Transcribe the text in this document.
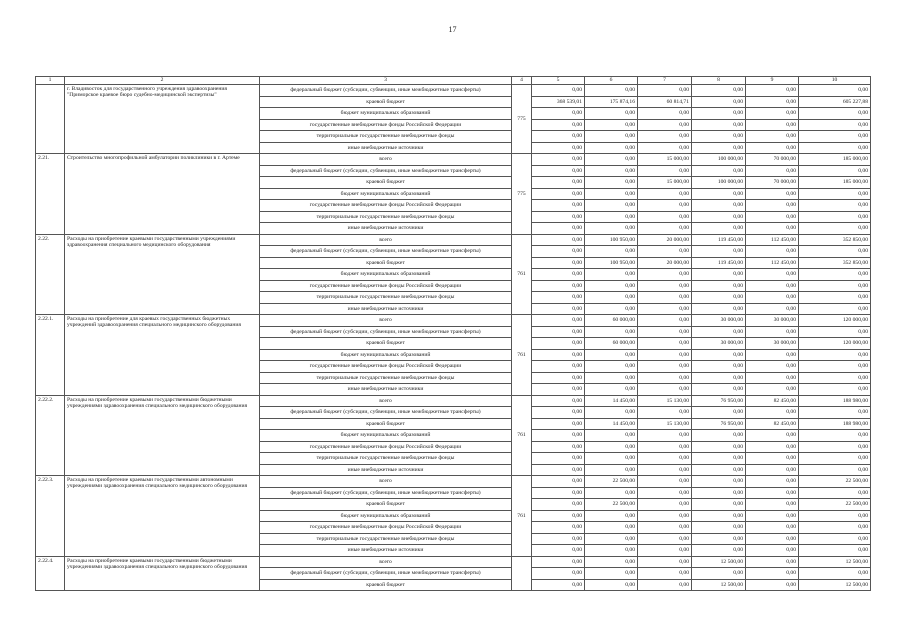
17
1	2	3	4	5	6	7	8	9	10
	г. Владивосток для государственного учреждения здравоохранения "Приморское краевое бюро судебно-медицинской экспертизы"	федеральный бюджет (субсидии, субвенции, иные межбюджетные трансферты)	775	0,00	0,00	0,00	0,00	0,00	0,00
		краевой бюджет		368 539,01	175 874,16	60 814,71	0,00	0,00	605 227,88
		бюджет муниципальных образований		0,00	0,00	0,00	0,00	0,00	0,00
		государственные внебюджетные фонды Российской Федерации		0,00	0,00	0,00	0,00	0,00	0,00
		территориальные государственные внебюджетные фонды		0,00	0,00	0,00	0,00	0,00	0,00
		иные внебюджетные источники		0,00	0,00	0,00	0,00	0,00	0,00
2.21.	Строительство многопрофильной амбулатории поликлиники в г. Артеме	всего	775	0,00	0,00	15 000,00	100 000,00	70 000,00	185 000,00
		федеральный бюджет (субсидии, субвенции, иные межбюджетные трансферты)		0,00	0,00	0,00	0,00	0,00	0,00
		краевой бюджет		0,00	0,00	15 000,00	100 000,00	70 000,00	185 000,00
		бюджет муниципальных образований		0,00	0,00	0,00	0,00	0,00	0,00
		государственные внебюджетные фонды Российской Федерации		0,00	0,00	0,00	0,00	0,00	0,00
		территориальные государственные внебюджетные фонды		0,00	0,00	0,00	0,00	0,00	0,00
		иные внебюджетные источники		0,00	0,00	0,00	0,00	0,00	0,00
2.22.	Расходы на приобретение краевыми государственными учреждениями здравоохранения специального медицинского оборудования	всего	761	0,00	100 950,00	20 000,00	119 450,00	112 450,00	352 850,00
		федеральный бюджет (субсидии, субвенции, иные межбюджетные трансферты)		0,00	0,00	0,00	0,00	0,00	0,00
		краевой бюджет		0,00	100 950,00	20 000,00	119 450,00	112 450,00	352 850,00
		бюджет муниципальных образований		0,00	0,00	0,00	0,00	0,00	0,00
		государственные внебюджетные фонды Российской Федерации		0,00	0,00	0,00	0,00	0,00	0,00
		территориальные государственные внебюджетные фонды		0,00	0,00	0,00	0,00	0,00	0,00
		иные внебюджетные источники		0,00	0,00	0,00	0,00	0,00	0,00
2.22.1.	Расходы на приобретение для краевых государственных бюджетных учреждений здравоохранения специального медицинского оборудования	всего	761	0,00	60 000,00	0,00	30 000,00	30 000,00	120 000,00
		федеральный бюджет (субсидии, субвенции, иные межбюджетные трансферты)		0,00	0,00	0,00	0,00	0,00	0,00
		краевой бюджет		0,00	60 000,00	0,00	30 000,00	30 000,00	120 000,00
		бюджет муниципальных образований		0,00	0,00	0,00	0,00	0,00	0,00
		государственные внебюджетные фонды Российской Федерации		0,00	0,00	0,00	0,00	0,00	0,00
		территориальные государственные внебюджетные фонды		0,00	0,00	0,00	0,00	0,00	0,00
		иные внебюджетные источники		0,00	0,00	0,00	0,00	0,00	0,00
2.22.2.	Расходы на приобретение краевыми государственными бюджетными учреждениями здравоохранения специального медицинского оборудования	всего	761	0,00	14 450,00	15 130,00	76 950,00	82 450,00	188 980,00
		федеральный бюджет (субсидии, субвенции, иные межбюджетные трансферты)		0,00	0,00	0,00	0,00	0,00	0,00
		краевой бюджет		0,00	14 450,00	15 130,00	76 950,00	82 450,00	188 980,00
		бюджет муниципальных образований		0,00	0,00	0,00	0,00	0,00	0,00
		государственные внебюджетные фонды Российской Федерации		0,00	0,00	0,00	0,00	0,00	0,00
		территориальные государственные внебюджетные фонды		0,00	0,00	0,00	0,00	0,00	0,00
		иные внебюджетные источники		0,00	0,00	0,00	0,00	0,00	0,00
2.22.3.	Расходы на приобретение краевыми государственными автономными учреждениями здравоохранения специального медицинского оборудования	всего	761	0,00	22 500,00	0,00	0,00	0,00	22 500,00
		федеральный бюджет (субсидии, субвенции, иные межбюджетные трансферты)		0,00	0,00	0,00	0,00	0,00	0,00
		краевой бюджет		0,00	22 500,00	0,00	0,00	0,00	22 500,00
		бюджет муниципальных образований		0,00	0,00	0,00	0,00	0,00	0,00
		государственные внебюджетные фонды Российской Федерации		0,00	0,00	0,00	0,00	0,00	0,00
		территориальные государственные внебюджетные фонды		0,00	0,00	0,00	0,00	0,00	0,00
		иные внебюджетные источники		0,00	0,00	0,00	0,00	0,00	0,00
2.22.4.	Расходы на приобретение краевыми государственными бюджетными учреждениями здравоохранения специального медицинского оборудования	всего		0,00	0,00	0,00	12 500,00	0,00	12 500,00
		федеральный бюджет (субсидии, субвенции, иные межбюджетные трансферты)		0,00	0,00	0,00	0,00	0,00	0,00
		краевой бюджет		0,00	0,00	0,00	12 500,00	0,00	12 500,00
